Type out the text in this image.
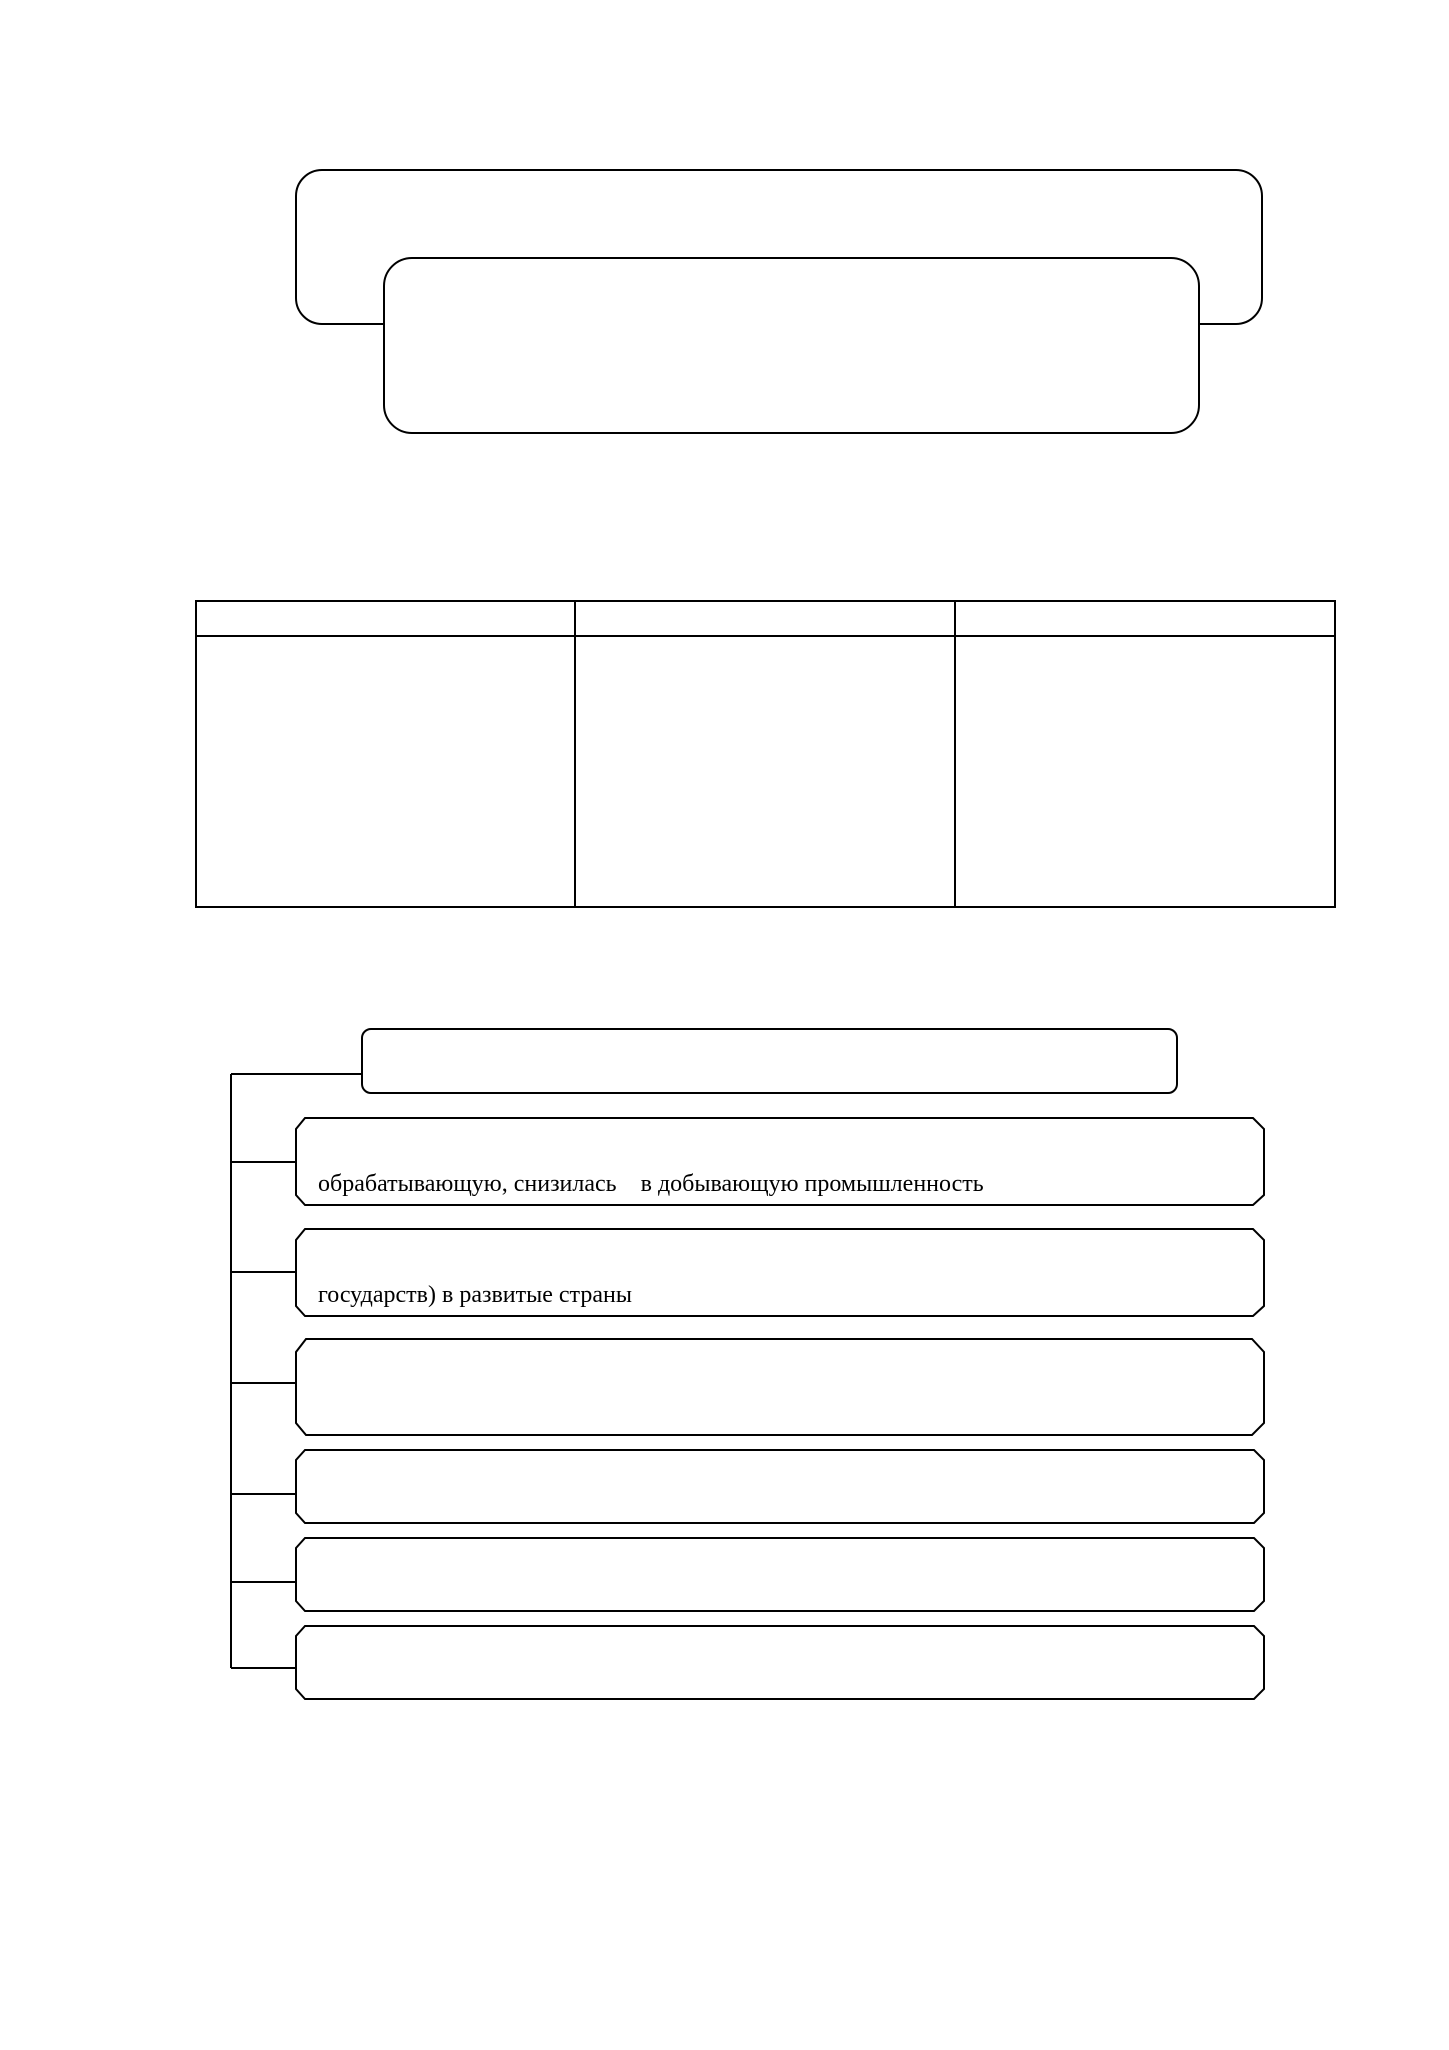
обрабатывающую, снизилась    в добывающую промышленность
государств) в развитые страны
